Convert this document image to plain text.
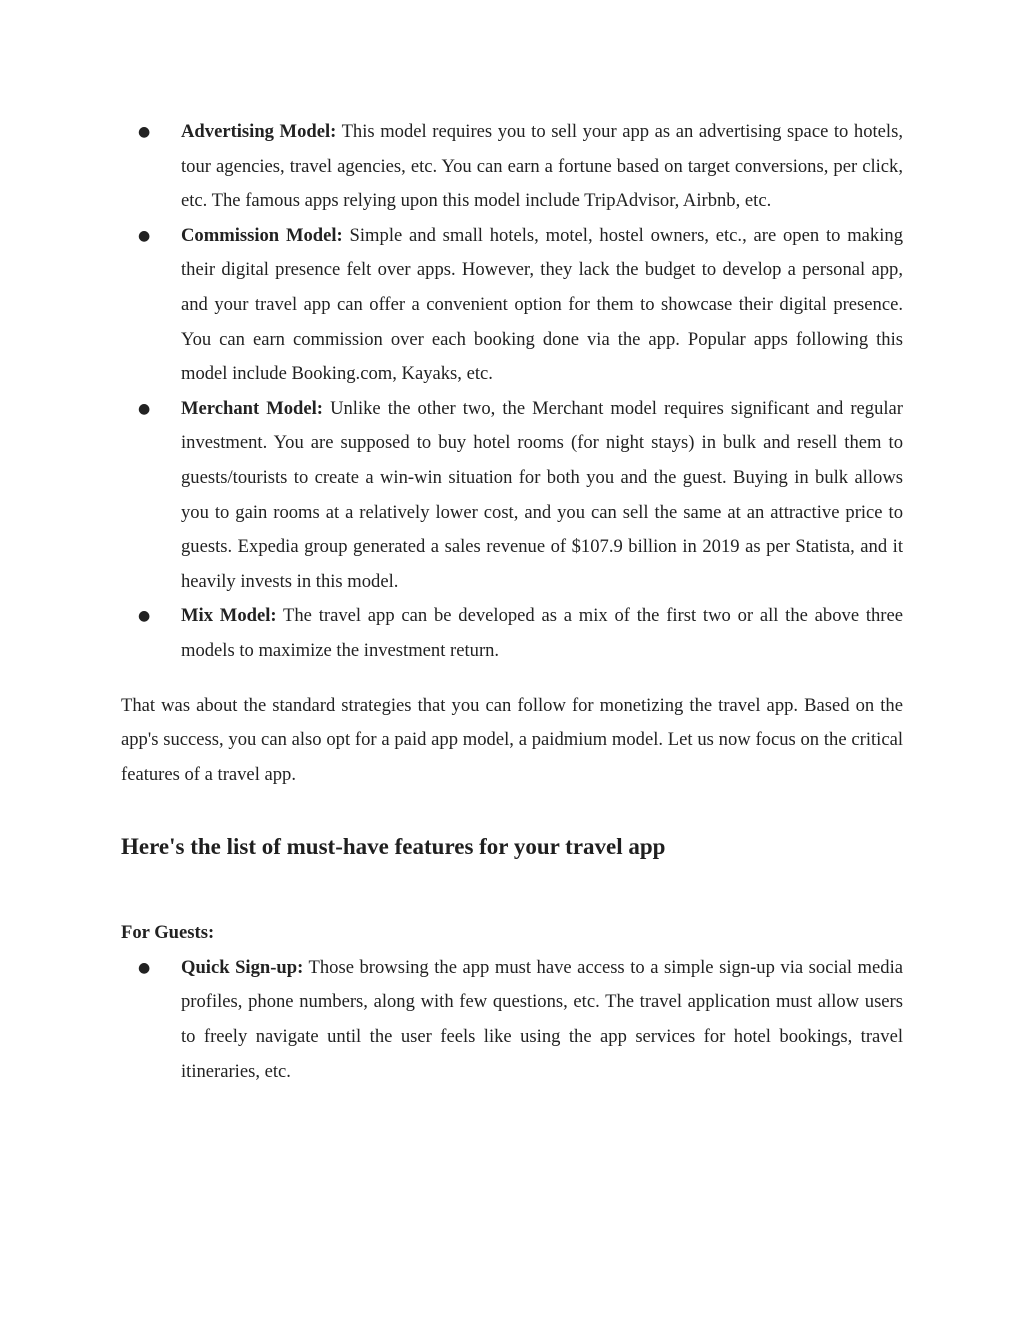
● Advertising Model: This model requires you to sell your app as an advertising space to hotels, tour agencies, travel agencies, etc. You can earn a fortune based on target conversions, per click, etc. The famous apps relying upon this model include TripAdvisor, Airbnb, etc.
● Commission Model: Simple and small hotels, motel, hostel owners, etc., are open to making their digital presence felt over apps. However, they lack the budget to develop a personal app, and your travel app can offer a convenient option for them to showcase their digital presence. You can earn commission over each booking done via the app. Popular apps following this model include Booking.com, Kayaks, etc.
● Merchant Model: Unlike the other two, the Merchant model requires significant and regular investment. You are supposed to buy hotel rooms (for night stays) in bulk and resell them to guests/tourists to create a win-win situation for both you and the guest. Buying in bulk allows you to gain rooms at a relatively lower cost, and you can sell the same at an attractive price to guests. Expedia group generated a sales revenue of $107.9 billion in 2019 as per Statista, and it heavily invests in this model.
● Mix Model: The travel app can be developed as a mix of the first two or all the above three models to maximize the investment return.

That was about the standard strategies that you can follow for monetizing the travel app. Based on the app's success, you can also opt for a paid app model, a paidmium model. Let us now focus on the critical features of a travel app.

Here's the list of must-have features for your travel app
For Guests:
● Quick Sign-up: Those browsing the app must have access to a simple sign-up via social media profiles, phone numbers, along with few questions, etc. The travel application must allow users to freely navigate until the user feels like using the app services for hotel bookings, travel itineraries, etc.
